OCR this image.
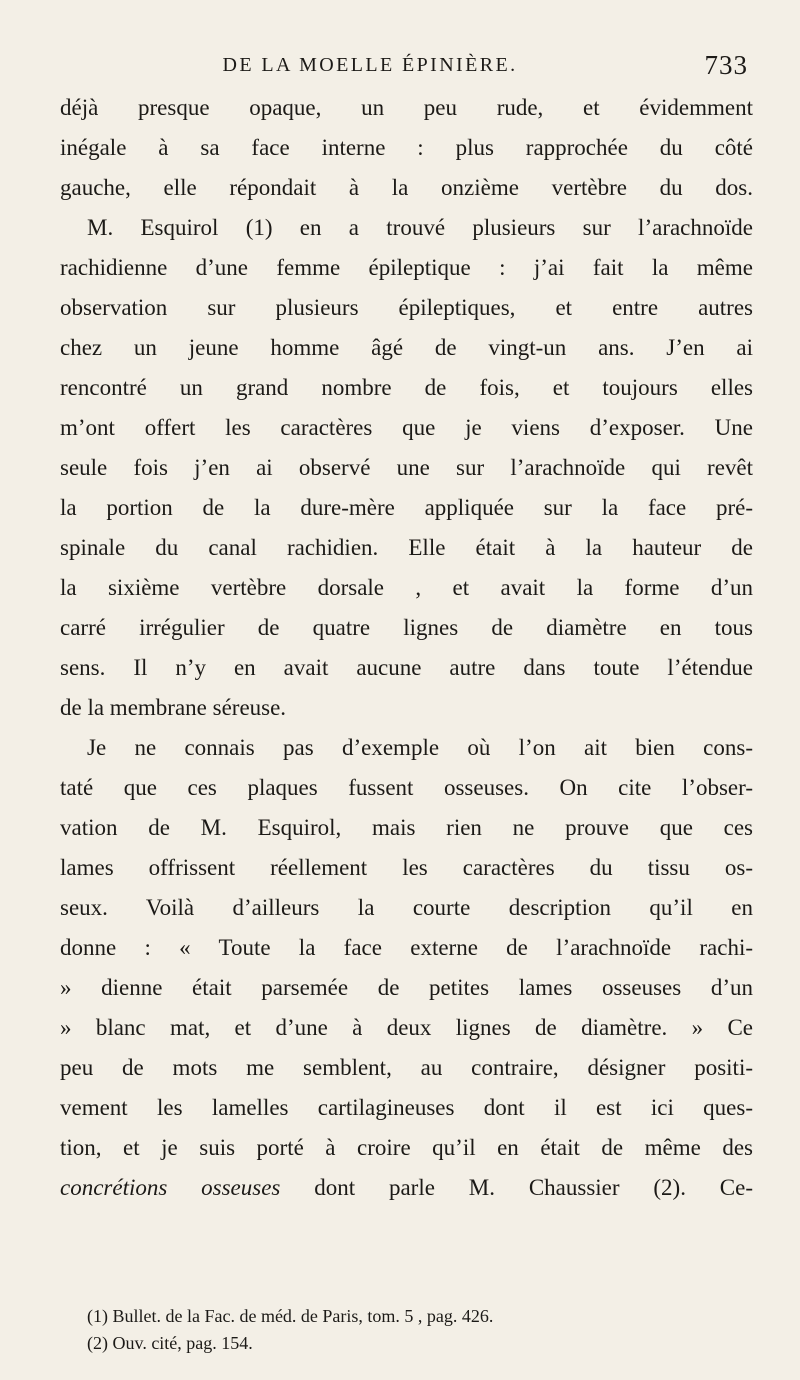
DE LA MOELLE ÉPINIÈRE.	733
déjà presque opaque, un peu rude, et évidemment
inégale à sa face interne : plus rapprochée du côté
gauche, elle répondait à la onzième vertèbre du dos.
M. Esquirol (1) en a trouvé plusieurs sur l’arachnoïde
rachidienne d’une femme épileptique : j’ai fait la même
observation sur plusieurs épileptiques, et entre autres
chez un jeune homme âgé de vingt-un ans. J’en ai
rencontré un grand nombre de fois, et toujours elles
m’ont offert les caractères que je viens d’exposer. Une
seule fois j’en ai observé une sur l’arachnoïde qui revêt
la portion de la dure-mère appliquée sur la face pré-
spinale du canal rachidien. Elle était à la hauteur de
la sixième vertèbre dorsale , et avait la forme d’un
carré irrégulier de quatre lignes de diamètre en tous
sens. Il n’y en avait aucune autre dans toute l’étendue
de la membrane séreuse.
Je ne connais pas d’exemple où l’on ait bien cons-
taté que ces plaques fussent osseuses. On cite l’obser-
vation de M. Esquirol, mais rien ne prouve que ces
lames offrissent réellement les caractères du tissu os-
seux. Voilà d’ailleurs la courte description qu’il en
donne : « Toute la face externe de l’arachnoïde rachi-
» dienne était parsemée de petites lames osseuses d’un
» blanc mat, et d’une à deux lignes de diamètre. » Ce
peu de mots me semblent, au contraire, désigner positi-
vement les lamelles cartilagineuses dont il est ici ques-
tion, et je suis porté à croire qu’il en était de même des
concrétions osseuses dont parle M. Chaussier (2). Ce-
(1) Bullet. de la Fac. de méd. de Paris, tom. 5 , pag. 426.
(2) Ouv. cité, pag. 154.
